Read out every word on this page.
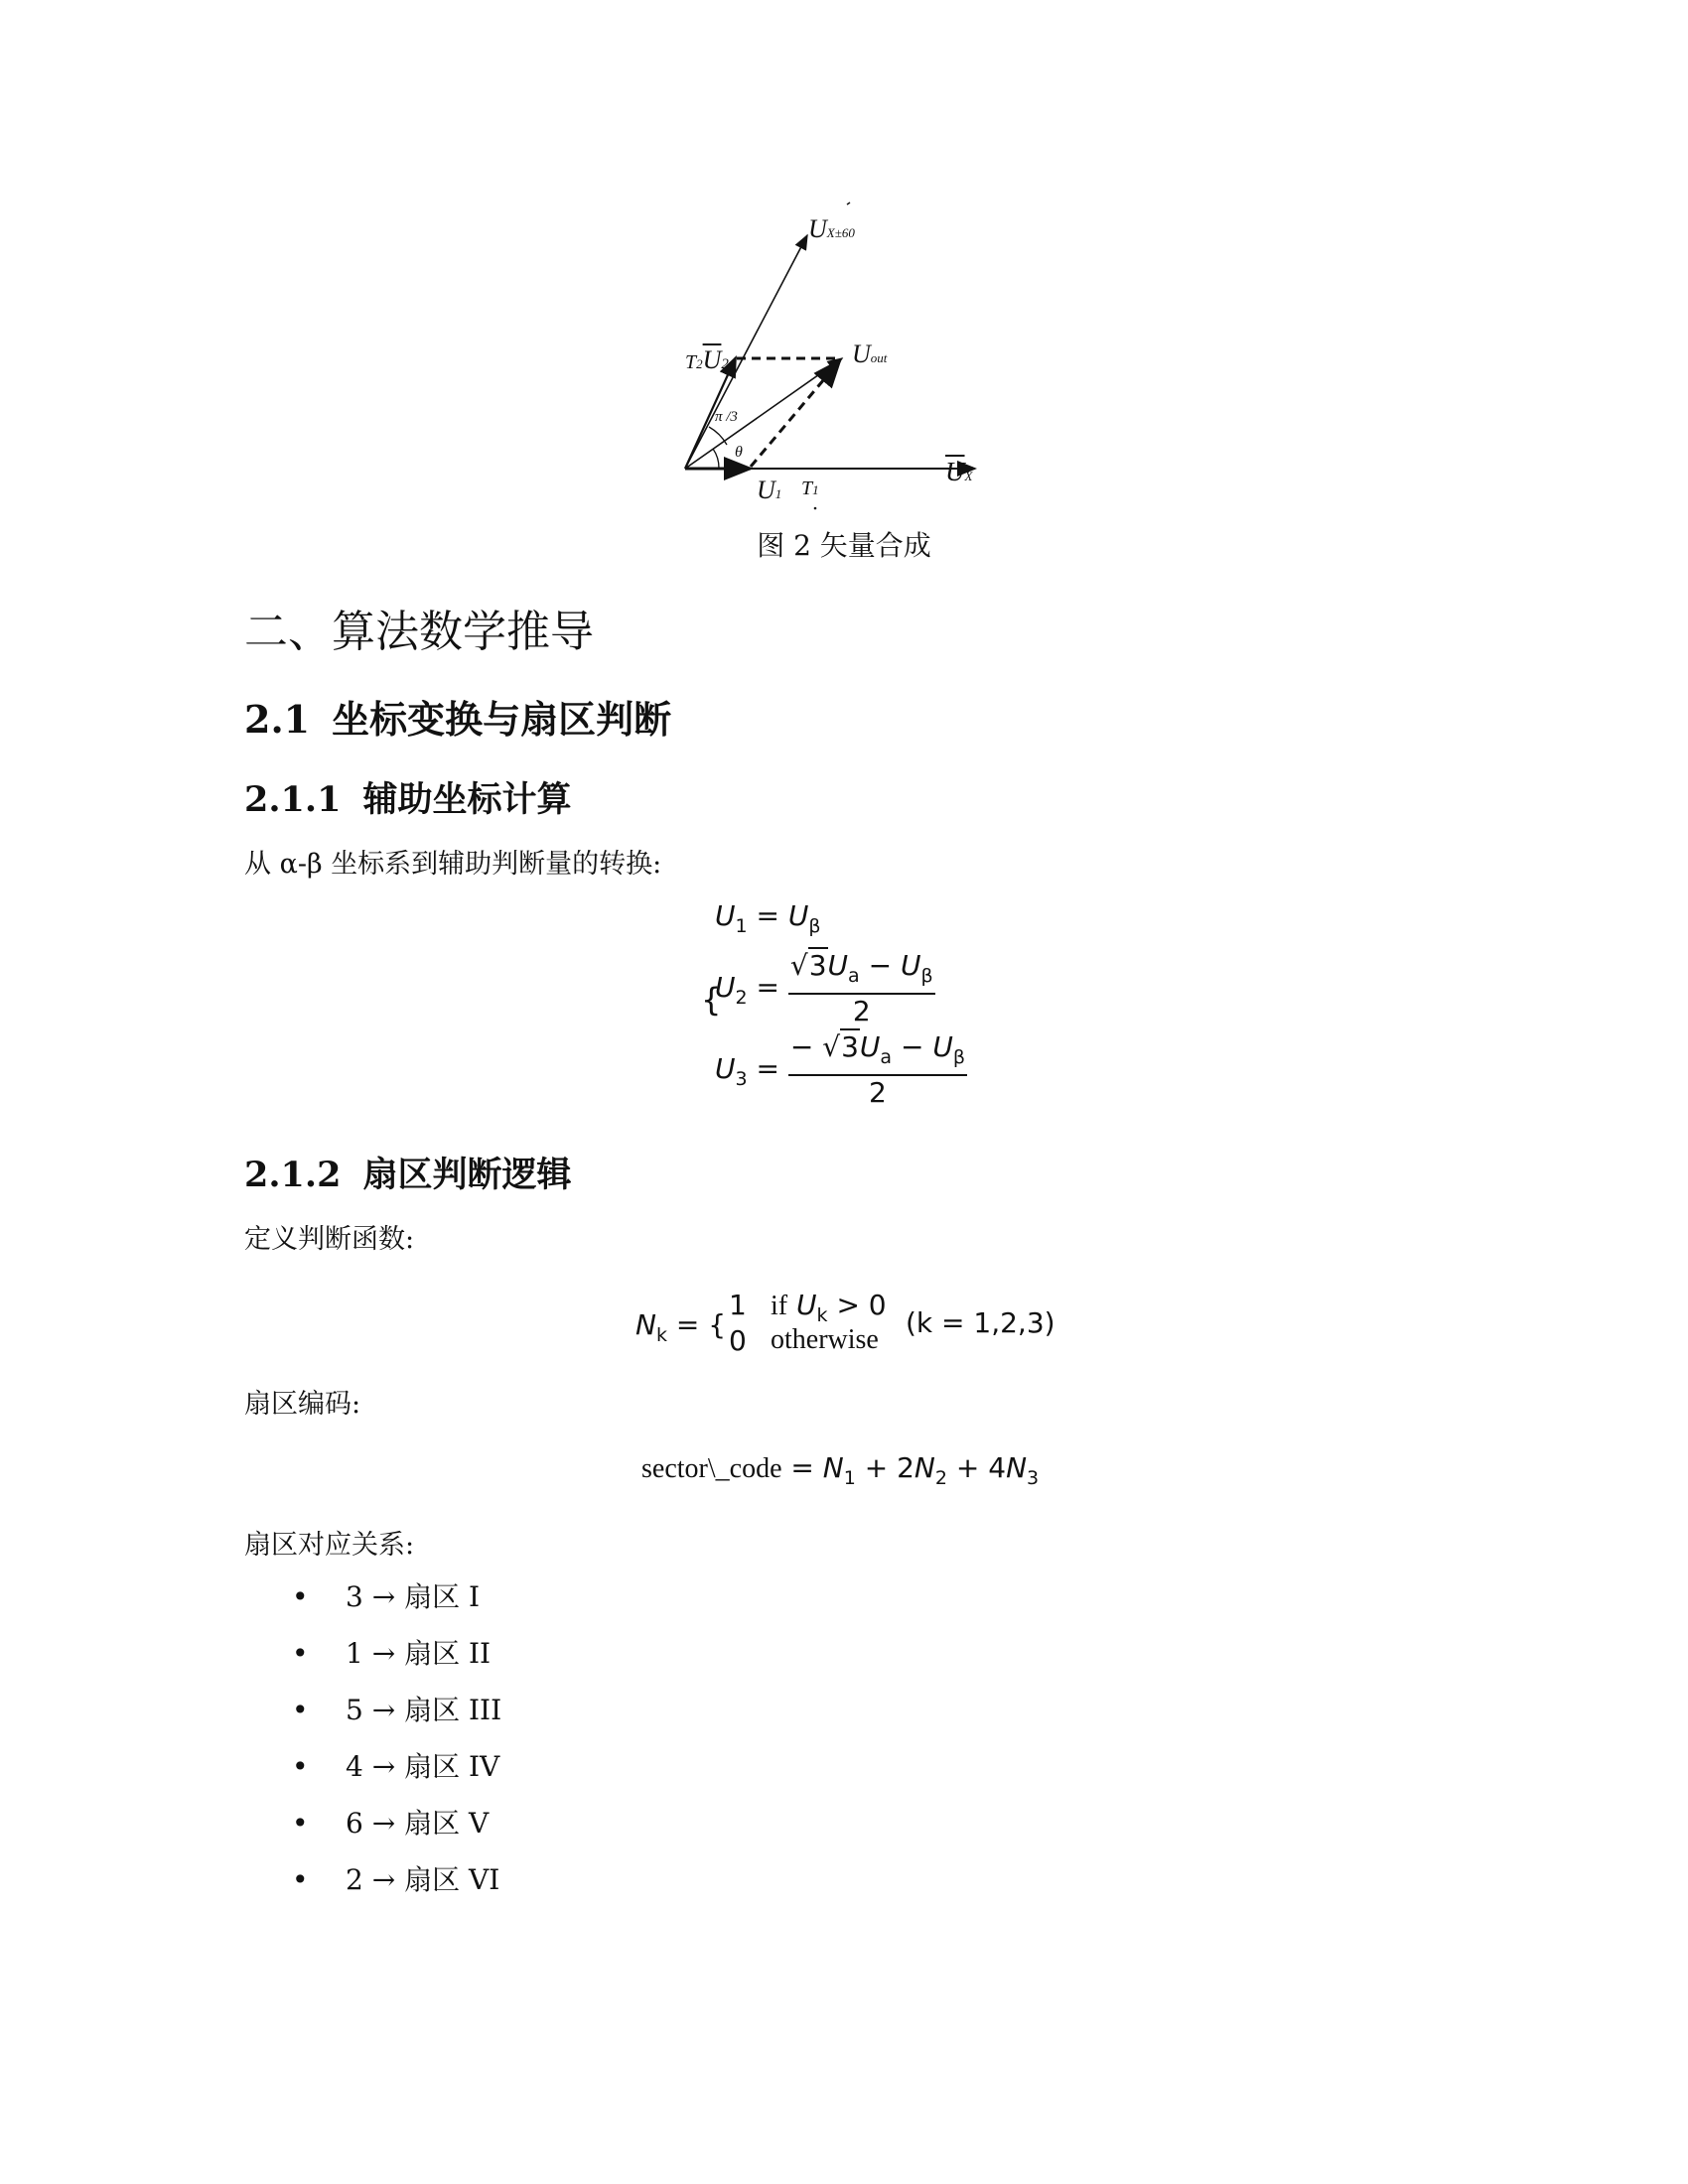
UX±60
$T2\overline{U}2$	Uout
π /3
θ
U1 T1
UX
图 2 矢量合成
二、算法数学推导
2.1 坐标变换与扇区判断
2.1.1 辅助坐标计算
从 α-β 坐标系到辅助判断量的转换:
{
$U_1 = U_\beta$
$U_2 = \frac{√3U_a - U_\beta}{2}$
$U_3 = \frac{- √3U_a - U_\beta}{2}$
2.1.2 扇区判断逻辑
定义判断函数:
$N_k$ = {
1 if $U_k > 0$
0 otherwise
(k = 1,2,3)
扇区编码:
sector\_code = $N_1 + 2N_2 + 4N_3$
扇区对应关系:
• 3 → 扇区 I
• 1 → 扇区 II
• 5 → 扇区 III
• 4 → 扇区 IV
• 6 → 扇区 V
• 2 → 扇区 VI
